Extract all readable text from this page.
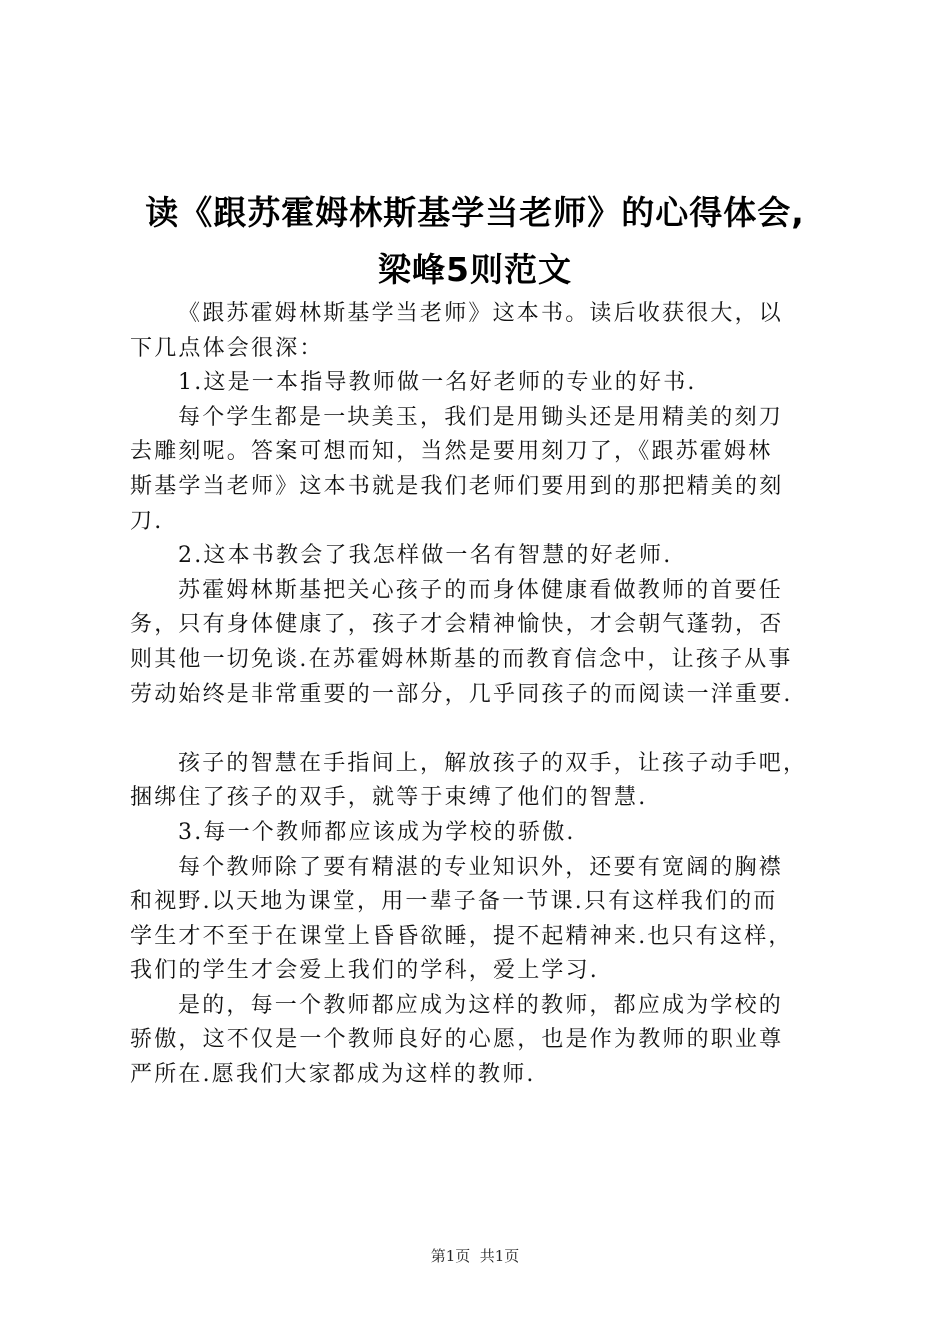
读《跟苏霍姆林斯基学当老师》的心得体会,
梁峰5则范文
《跟苏霍姆林斯基学当老师》这本书。读后收获很大，以
下几点体会很深：
1.这是一本指导教师做一名好老师的专业的好书.
每个学生都是一块美玉，我们是用锄头还是用精美的刻刀
去雕刻呢。答案可想而知，当然是要用刻刀了，《跟苏霍姆林
斯基学当老师》这本书就是我们老师们要用到的那把精美的刻
刀.
2.这本书教会了我怎样做一名有智慧的好老师.
苏霍姆林斯基把关心孩子的而身体健康看做教师的首要任
务，只有身体健康了，孩子才会精神愉快，才会朝气蓬勃，否
则其他一切免谈.在苏霍姆林斯基的而教育信念中，让孩子从事
劳动始终是非常重要的一部分，几乎同孩子的而阅读一洋重要.
孩子的智慧在手指间上，解放孩子的双手，让孩子动手吧，
捆绑住了孩子的双手，就等于束缚了他们的智慧.
3.每一个教师都应该成为学校的骄傲.
每个教师除了要有精湛的专业知识外，还要有宽阔的胸襟
和视野.以天地为课堂，用一辈子备一节课.只有这样我们的而
学生才不至于在课堂上昏昏欲睡，提不起精神来.也只有这样，
我们的学生才会爱上我们的学科，爱上学习.
是的，每一个教师都应成为这样的教师，都应成为学校的
骄傲，这不仅是一个教师良好的心愿，也是作为教师的职业尊
严所在.愿我们大家都成为这样的教师.
第1页  共1页
